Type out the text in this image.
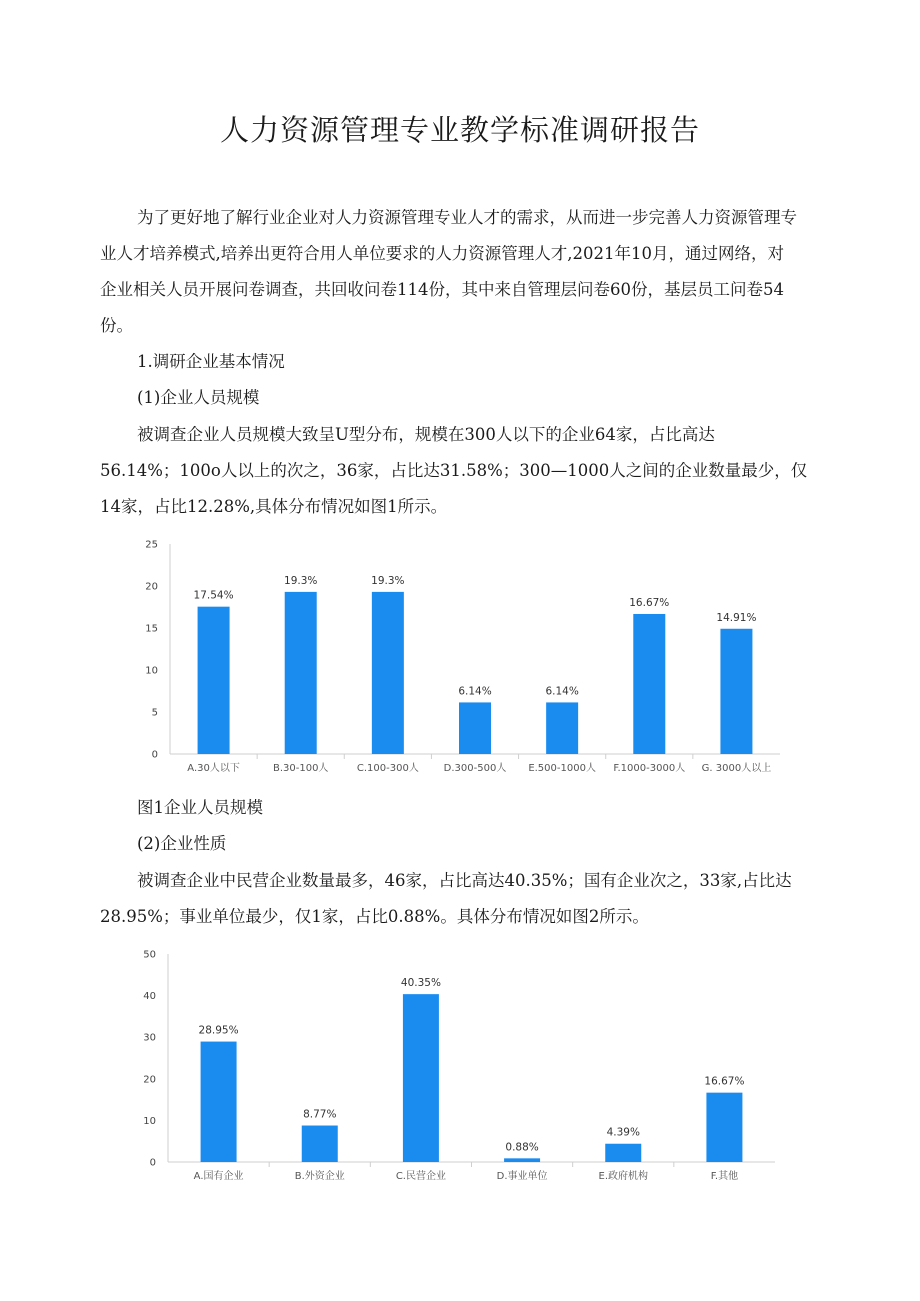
人力资源管理专业教学标准调研报告
为了更好地了解行业企业对人力资源管理专业人才的需求，从而进一步完善人力资源管理专
业人才培养模式,培养出更符合用人单位要求的人力资源管理人才,2021年10月，通过网络，对
企业相关人员开展问卷调查，共回收问卷114份，其中来自管理层问卷60份，基层员工问卷54
份。
1.调研企业基本情况
(1)企业人员规模
被调查企业人员规模大致呈U型分布，规模在300人以下的企业64家，占比高达
56.14%；100o人以上的次之，36家，占比达31.58%；300—1000人之间的企业数量最少，仅
14家，占比12.28%,具体分布情况如图1所示。
0
5
10
15
20
25
17.54%
A.30人以下
19.3%
B.30-100人
19.3%
C.100-300人
6.14%
D.300-500人
6.14%
E.500-1000人
16.67%
F.1000-3000人
14.91%
G. 3000人以上
图1企业人员规模
(2)企业性质
被调查企业中民营企业数量最多，46家，占比高达40.35%；国有企业次之，33家,占比达
28.95%；事业单位最少，仅1家，占比0.88%。具体分布情况如图2所示。
0
10
20
30
40
50
28.95%
A.国有企业
8.77%
B.外资企业
40.35%
C.民营企业
0.88%
D.事业单位
4.39%
E.政府机构
16.67%
F.其他
